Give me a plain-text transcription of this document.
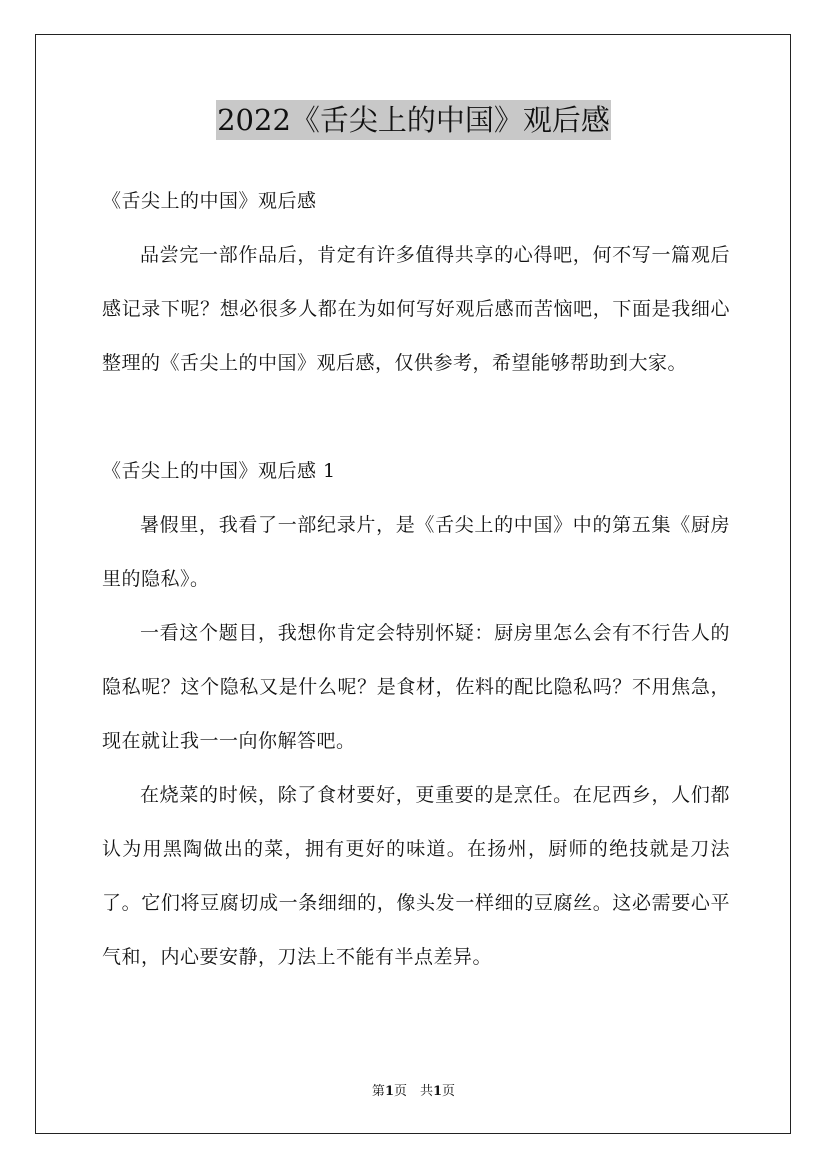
2022《舌尖上的中国》观后感

《舌尖上的中国》观后感

品尝完一部作品后，肯定有许多值得共享的心得吧，何不写一篇观后感记录下呢？想必很多人都在为如何写好观后感而苦恼吧，下面是我细心整理的《舌尖上的中国》观后感，仅供参考，希望能够帮助到大家。

《舌尖上的中国》观后感 1

暑假里，我看了一部纪录片，是《舌尖上的中国》中的第五集《厨房里的隐私》。

一看这个题目，我想你肯定会特别怀疑：厨房里怎么会有不行告人的隐私呢？这个隐私又是什么呢？是食材，佐料的配比隐私吗？不用焦急，现在就让我一一向你解答吧。

在烧菜的时候，除了食材要好，更重要的是烹任。在尼西乡，人们都认为用黑陶做出的菜，拥有更好的味道。在扬州，厨师的绝技就是刀法了。它们将豆腐切成一条细细的，像头发一样细的豆腐丝。这必需要心平气和，内心要安静，刀法上不能有半点差异。

第1页　共1页
